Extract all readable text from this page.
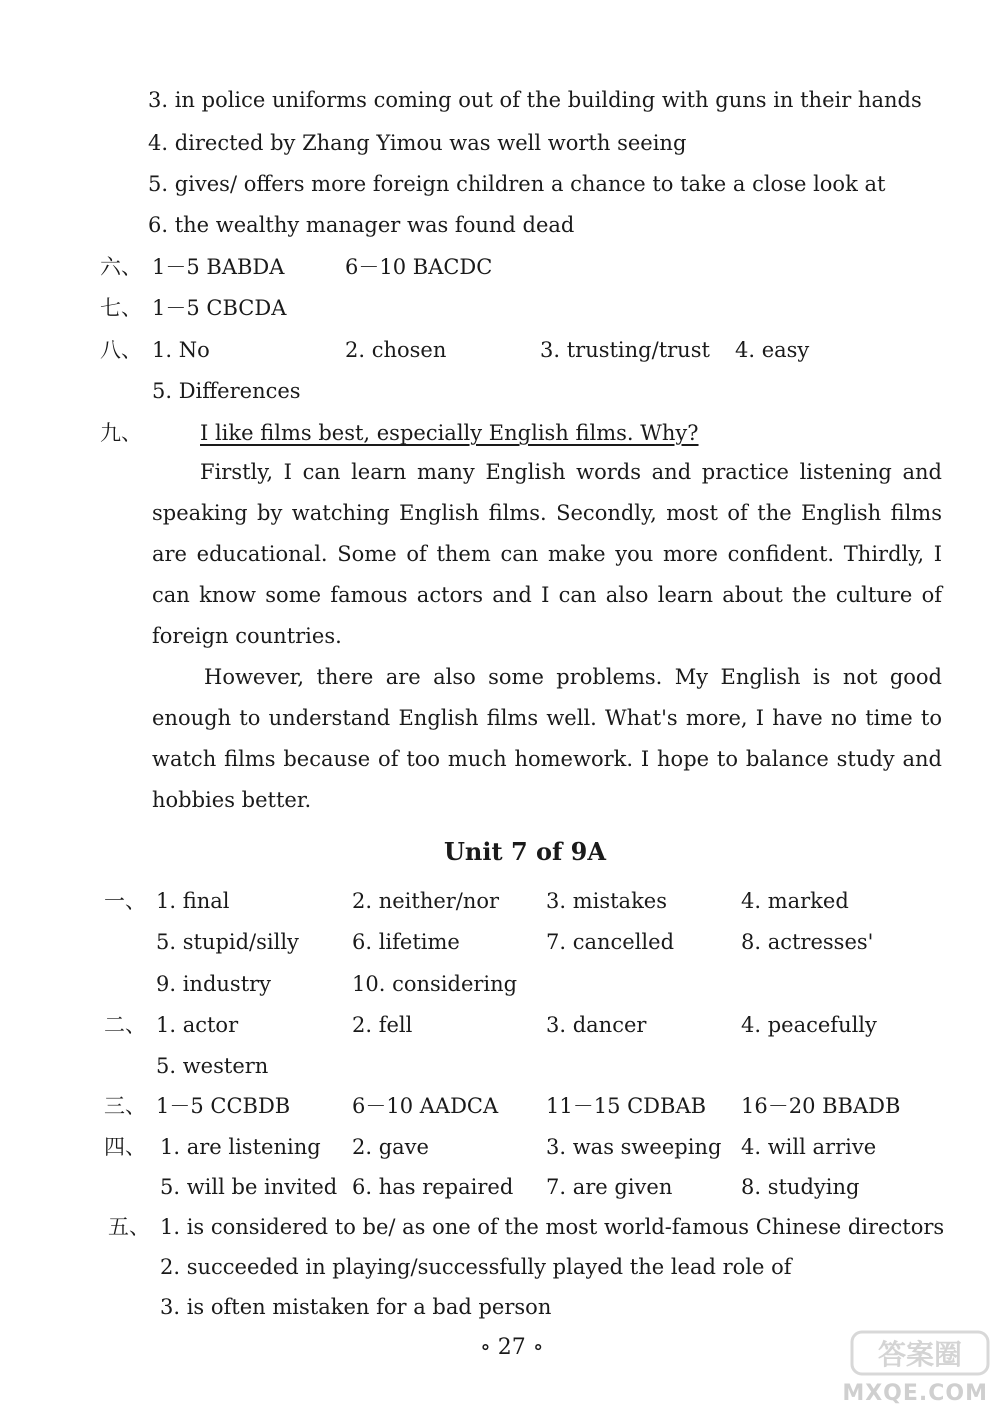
3. in police uniforms coming out of the building with guns in their hands
4. directed by Zhang Yimou was well worth seeing
5. gives/ offers more foreign children a chance to take a close look at
6. the wealthy manager was found dead
六、 1－5 BABDA	6－10 BACDC
七、 1－5 CBCDA
八、 1. No	2. chosen	3. trusting/trust 4. easy
5. Differences
九、	I like films best, especially English films. Why?
Firstly, I can learn many English words and practice listening and speaking by watching English films. Secondly, most of the English films are educational. Some of them can make you more confident. Thirdly, I can know some famous actors and I can also learn about the culture of foreign countries.
However, there are also some problems. My English is not good enough to understand English films well. What's more, I have no time to watch films because of too much homework. I hope to balance study and hobbies better.
Unit 7 of 9A
一、 1. final	2. neither/nor 3. mistakes	4. marked
5. stupid/silly	6. lifetime	7. cancelled	8. actresses'
9. industry	10. considering
二、 1. actor	2. fell	3. dancer	4. peacefully
5. western
三、 1－5 CCBDB	6－10 AADCA 11－15 CDBAB 16－20 BBADB
四、 1. are listening 2. gave	3. was sweeping 4. will arrive
5. will be invited 6. has repaired 7. are given	8. studying
五、 1. is considered to be/ as one of the most world-famous Chinese directors
2. succeeded in playing/successfully played the lead role of
3. is often mistaken for a bad person
∘ 27 ∘	答案圈
MXQE.COM
